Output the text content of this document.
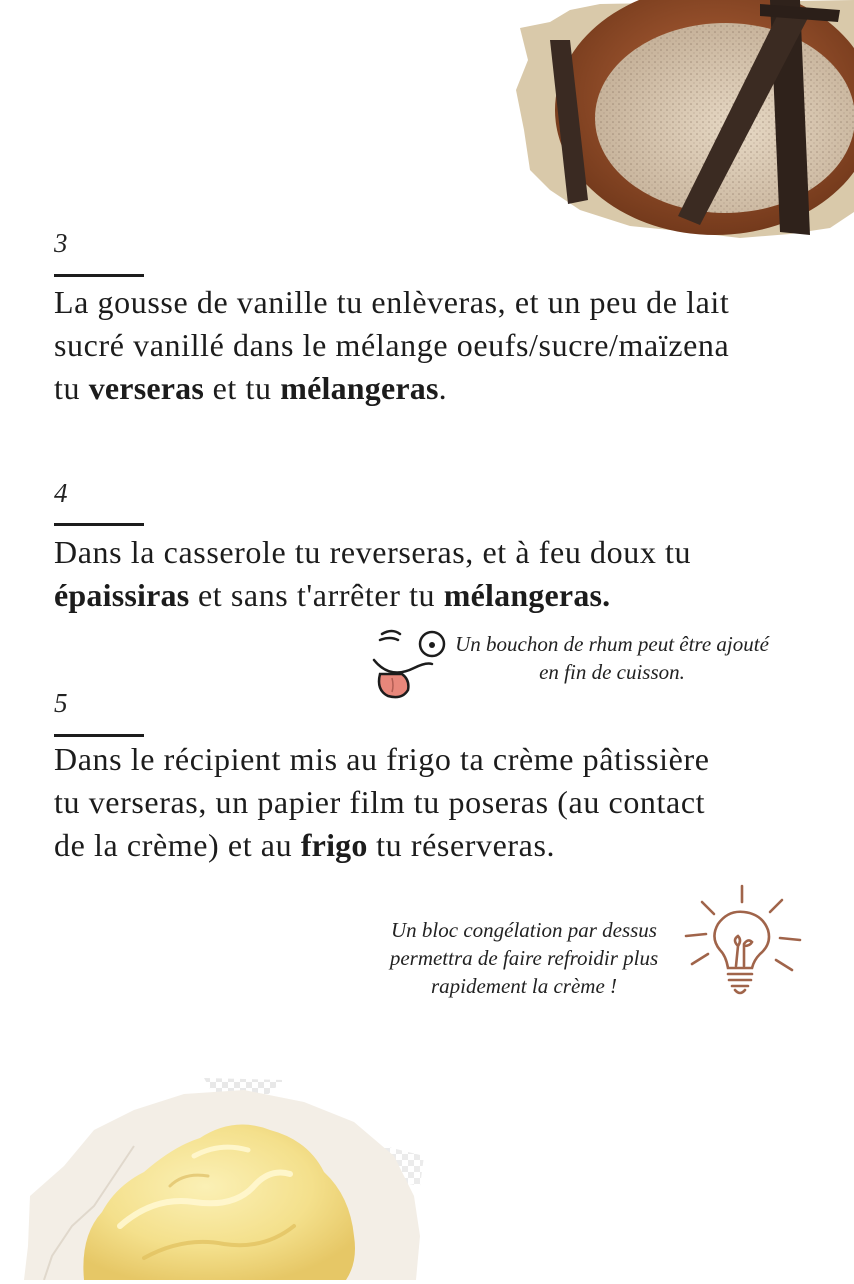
3
La gousse de vanille tu enlèveras, et un peu de lait sucré vanillé dans le mélange oeufs/sucre/maïzena tu verseras et tu mélangeras.
4
Dans la casserole tu reverseras, et à feu doux tu épaissiras et sans t'arrêter tu mélangeras.
Un bouchon de rhum peut être ajouté en fin de cuisson.
5
Dans le récipient mis au frigo ta crème pâtissière tu verseras, un papier film tu poseras (au contact de la crème) et au frigo tu réserveras.
Un bloc congélation par dessus permettra de faire refroidir plus rapidement la crème !
